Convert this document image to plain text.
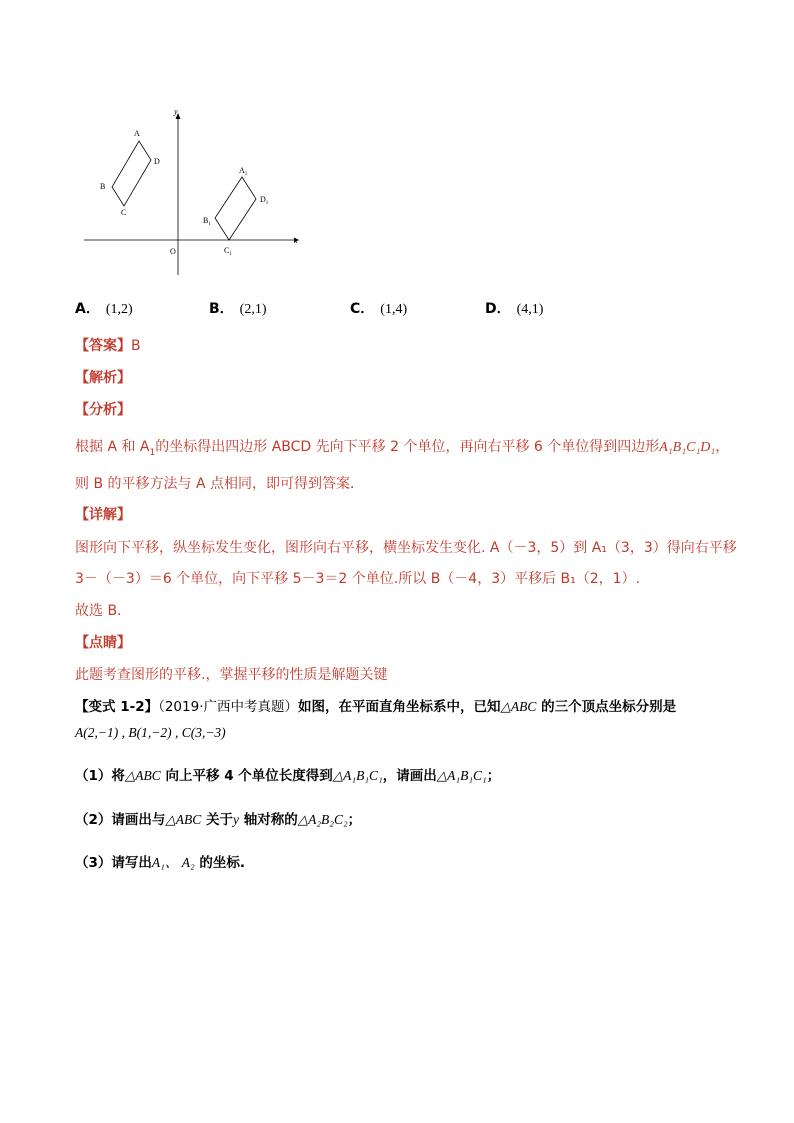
x
y
O
A
D
B
C
$A_1$
$D_1$
$B_1$
$C_1$
A． (1,2)	B． (2,1)	C． (1,4)	D． (4,1)
【答案】B
【解析】
【分析】
根据 A 和 $A_1$的坐标得出四边形 ABCD 先向下平移 2 个单位，再向右平移 6 个单位得到四边形A₁B₁C₁D₁，
则 B 的平移方法与 A 点相同，即可得到答案．
【详解】
图形向下平移，纵坐标发生变化，图形向右平移，横坐标发生变化. A（－3，5）到 A₁（3，3）得向右平移
3－（－3）＝6 个单位，向下平移 5－3＝2 个单位.所以 B（－4，3）平移后 B₁（2，1）.
故选 B.
【点睛】
此题考查图形的平移.，掌握平移的性质是解题关键
【变式 1-2】（2019·广西中考真题）如图，在平面直角坐标系中，已知△ABC 的三个顶点坐标分别是
A(2,−1) , B(1,−2) , C(3,−3)
（1）将△ABC 向上平移 4 个单位长度得到△A₁B₁C₁，请画出△A₁B₁C₁；
（2）请画出与△ABC 关于y 轴对称的△A₂B₂C₂；
（3）请写出A₁、 A₂ 的坐标.
